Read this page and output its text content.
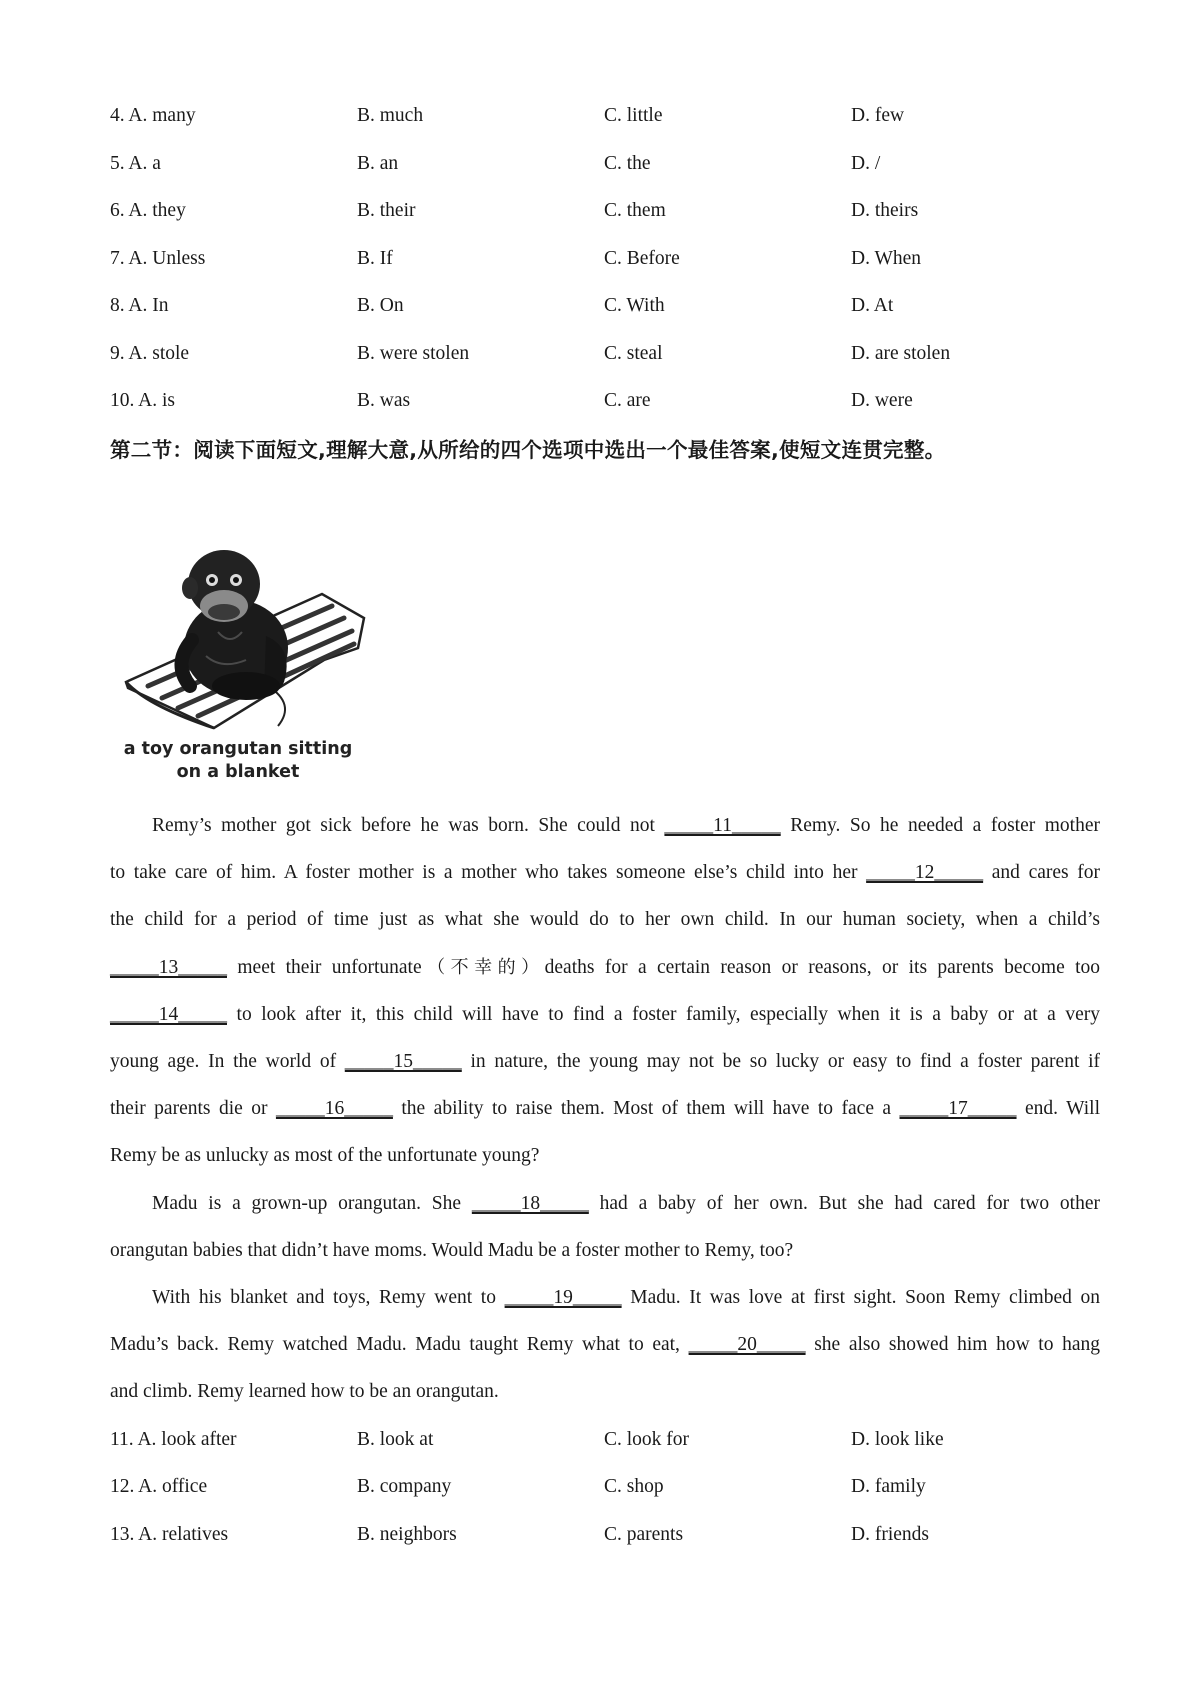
4. A. many	B. much	C. little	D. few
5. A. a	B. an	C. the	D. /
6. A. they	B. their	C. them	D. theirs
7. A. Unless	B. If	C. Before	D. When
8. A. In	B. On	C. With	D. At
9. A. stole	B. were stolen	C. steal	D. are stolen
10. A. is	B. was	C. are	D. were
第二节：阅读下面短文,理解大意,从所给的四个选项中选出一个最佳答案,使短文连贯完整。
a toy orangutan sitting
on a blanket
Remy’s mother got sick before he was born. She could not _____11_____ Remy. So he needed a foster mother
to take care of him. A foster mother is a mother who takes someone else’s child into her _____12_____ and cares for
the child for a period of time just as what she would do to her own child. In our human society, when a child’s
_____13_____ meet their unfortunate（不幸的）deaths for a certain reason or reasons, or its parents become too
_____14_____ to look after it, this child will have to find a foster family, especially when it is a baby or at a very
young age. In the world of _____15_____ in nature, the young may not be so lucky or easy to find a foster parent if
their parents die or _____16_____ the ability to raise them. Most of them will have to face a _____17_____ end. Will
Remy be as unlucky as most of the unfortunate young?
Madu is a grown-up orangutan. She _____18_____ had a baby of her own. But she had cared for two other
orangutan babies that didn’t have moms. Would Madu be a foster mother to Remy, too?
With his blanket and toys, Remy went to _____19_____ Madu. It was love at first sight. Soon Remy climbed on
Madu’s back. Remy watched Madu. Madu taught Remy what to eat, _____20_____ she also showed him how to hang
and climb. Remy learned how to be an orangutan.
11. A. look after	B. look at	C. look for	D. look like
12. A. office	B. company	C. shop	D. family
13. A. relatives	B. neighbors	C. parents	D. friends
